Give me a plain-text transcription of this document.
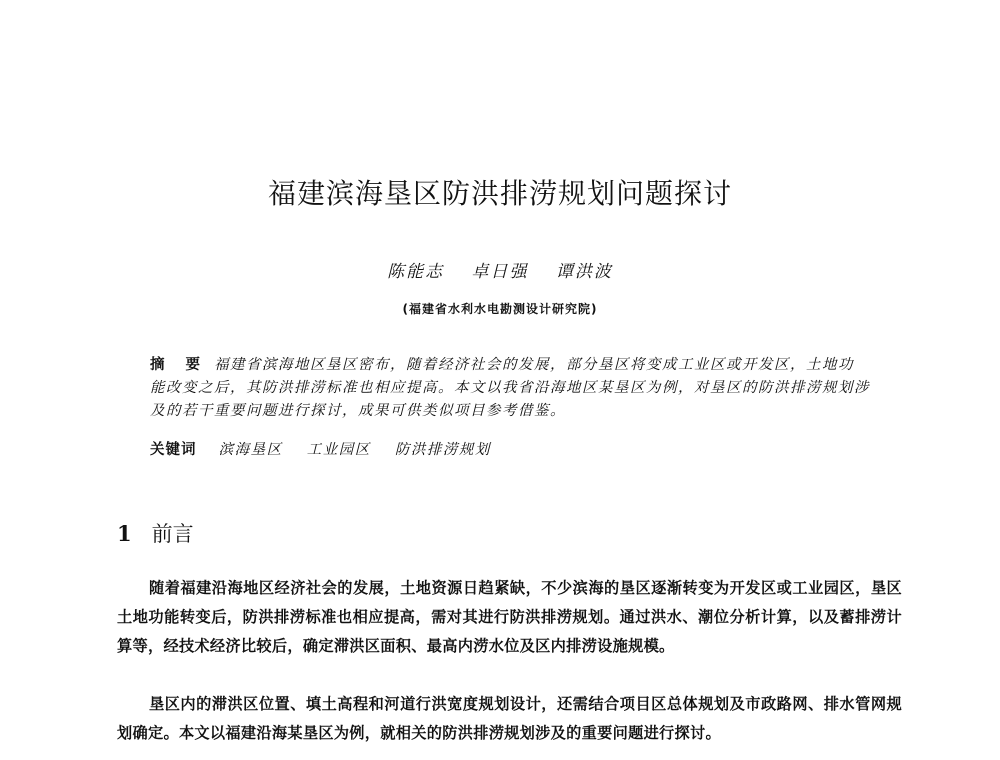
福建滨海垦区防洪排涝规划问题探讨
陈能志 卓日强 谭洪波
(福建省水利水电勘测设计研究院)
摘 要 福建省滨海地区垦区密布，随着经济社会的发展，部分垦区将变成工业区或开发区，土地功能改变之后，其防洪排涝标准也相应提高。本文以我省沿海地区某垦区为例，对垦区的防洪排涝规划涉及的若干重要问题进行探讨，成果可供类似项目参考借鉴。
关键词 滨海垦区 工业园区 防洪排涝规划
1 前言

随着福建沿海地区经济社会的发展，土地资源日趋紧缺，不少滨海的垦区逐渐转变为开发区或工业园区，垦区土地功能转变后，防洪排涝标准也相应提高，需对其进行防洪排涝规划。通过洪水、潮位分析计算，以及蓄排涝计算等，经技术经济比较后，确定滞洪区面积、最高内涝水位及区内排涝设施规模。

垦区内的滞洪区位置、填土高程和河道行洪宽度规划设计，还需结合项目区总体规划及市政路网、排水管网规划确定。本文以福建沿海某垦区为例，就相关的防洪排涝规划涉及的重要问题进行探讨。
